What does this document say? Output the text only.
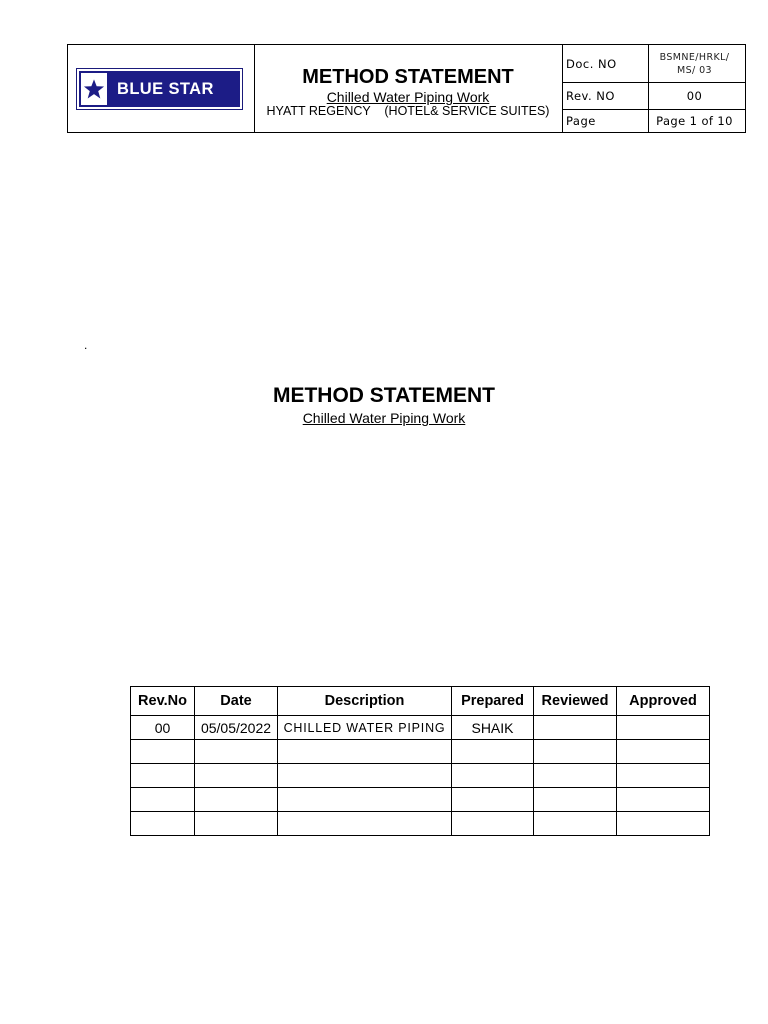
BLUE STAR
METHOD STATEMENT
Chilled Water Piping Work
HYATT REGENCY    (HOTEL& SERVICE SUITES)
Doc. NO	BSMNE/HRKL/
MS/ 03
Rev. NO	00
Page	Page 1 of 10
.
METHOD STATEMENT
Chilled Water Piping Work
Rev.No	Date	Description	Prepared	Reviewed	Approved
00	05/05/2022	CHILLED WATER PIPING	SHAIK		
